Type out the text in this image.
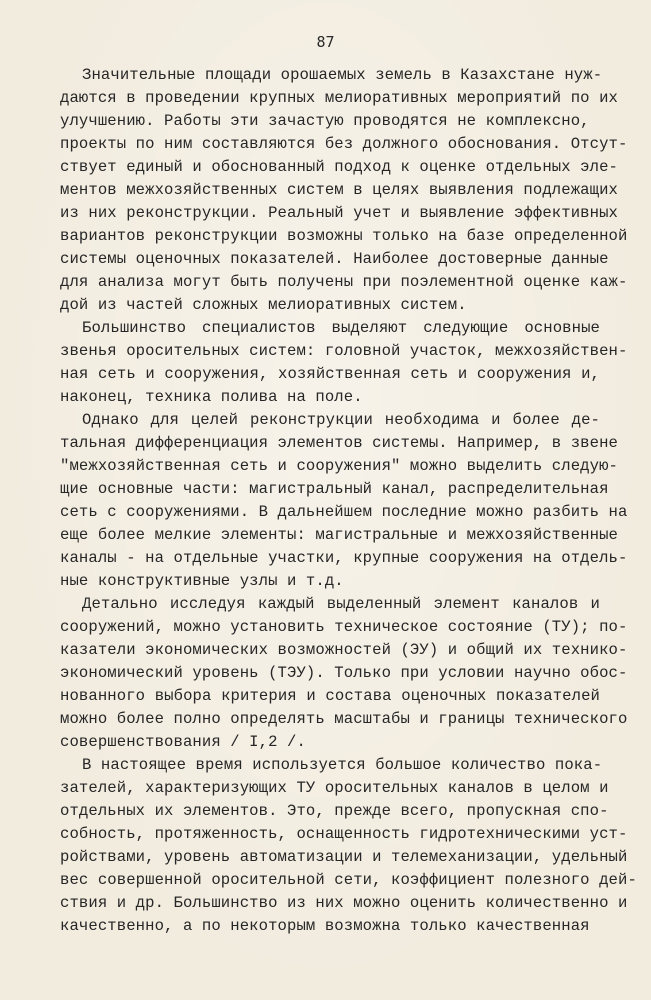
87
Значительные площади орошаемых земель в Казахстане нуж-
даются в проведении крупных мелиоративных мероприятий по их
улучшению. Работы эти зачастую проводятся не комплексно,
проекты по ним составляются без должного обоснования. Отсут-
ствует единый и обоснованный подход к оценке отдельных эле-
ментов межхозяйственных систем в целях выявления подлежащих
из них реконструкции. Реальный учет и выявление эффективных
вариантов реконструкции возможны только на базе определенной
системы оценочных показателей. Наиболее достоверные данные
для анализа могут быть получены при поэлементной оценке каж-
дой из частей сложных мелиоративных систем.
Большинство специалистов выделяют следующие основные
звенья оросительных систем: головной участок, межхозяйствен-
ная сеть и сооружения, хозяйственная сеть и сооружения и,
наконец, техника полива на поле.
Однако для целей реконструкции необходима и более де-
тальная дифференциация элементов системы. Например, в звене
"межхозяйственная сеть и сооружения" можно выделить следую-
щие основные части: магистральный канал, распределительная
сеть с сооружениями. В дальнейшем последние можно разбить на
еще более мелкие элементы: магистральные и межхозяйственные
каналы - на отдельные участки, крупные сооружения на отдель-
ные конструктивные узлы и т.д.
Детально исследуя каждый выделенный элемент каналов и
сооружений, можно установить техническое состояние (ТУ); по-
казатели экономических возможностей (ЭУ) и общий их технико-
экономический уровень (ТЭУ). Только при условии научно обос-
нованного выбора критерия и состава оценочных показателей
можно более полно определять масштабы и границы технического
совершенствования / I,2 /.
В настоящее время используется большое количество пока-
зателей, характеризующих ТУ оросительных каналов в целом и
отдельных их элементов. Это, прежде всего, пропускная спо-
собность, протяженность, оснащенность гидротехническими уст-
ройствами, уровень автоматизации и телемеханизации, удельный
вес совершенной оросительной сети, коэффициент полезного дей-
ствия и др. Большинство из них можно оценить количественно и
качественно, а по некоторым возможна только качественная
